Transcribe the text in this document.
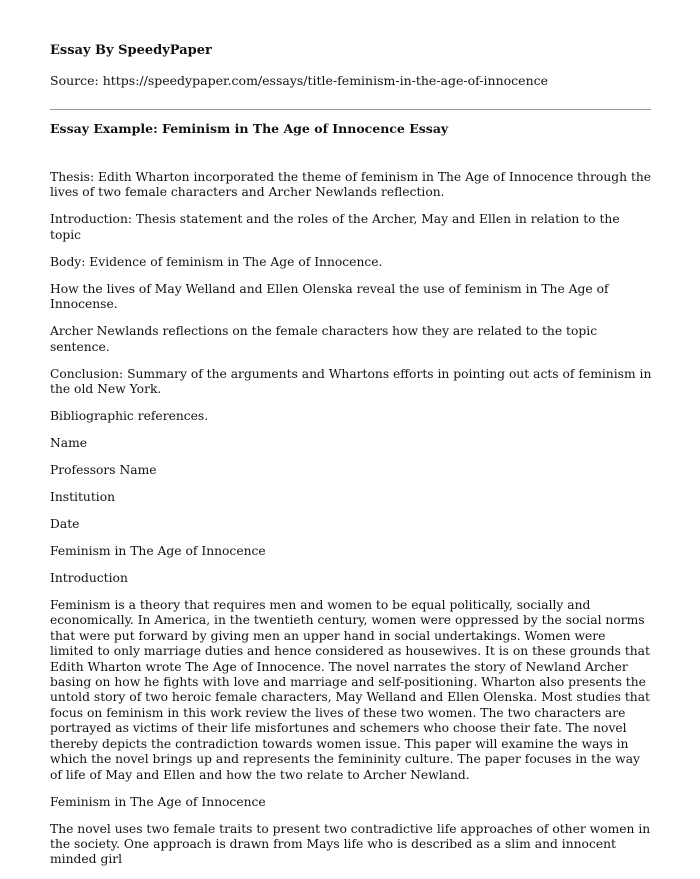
Essay By SpeedyPaper
Source: https://speedypaper.com/essays/title-feminism-in-the-age-of-innocence
Essay Example: Feminism in The Age of Innocence Essay

Thesis: Edith Wharton incorporated the theme of feminism in The Age of Innocence through the lives of two female characters and Archer Newlands reflection.

Introduction: Thesis statement and the roles of the Archer, May and Ellen in relation to the topic

Body: Evidence of feminism in The Age of Innocence.

How the lives of May Welland and Ellen Olenska reveal the use of feminism in The Age of Innocense.

Archer Newlands reflections on the female characters how they are related to the topic sentence.

Conclusion: Summary of the arguments and Whartons efforts in pointing out acts of feminism in the old New York.

Bibliographic references.

Name

Professors Name

Institution

Date

Feminism in The Age of Innocence

Introduction

Feminism is a theory that requires men and women to be equal politically, socially and economically. In America, in the twentieth century, women were oppressed by the social norms that were put forward by giving men an upper hand in social undertakings. Women were limited to only marriage duties and hence considered as housewives. It is on these grounds that Edith Wharton wrote The Age of Innocence. The novel narrates the story of Newland Archer basing on how he fights with love and marriage and self-positioning. Wharton also presents the untold story of two heroic female characters, May Welland and Ellen Olenska. Most studies that focus on feminism in this work review the lives of these two women. The two characters are portrayed as victims of their life misfortunes and schemers who choose their fate. The novel thereby depicts the contradiction towards women issue. This paper will examine the ways in which the novel brings up and represents the femininity culture. The paper focuses in the way of life of May and Ellen and how the two relate to Archer Newland.

Feminism in The Age of Innocence

The novel uses two female traits to present two contradictive life approaches of other women in the society. One approach is drawn from Mays life who is described as a slim and innocent minded girl
